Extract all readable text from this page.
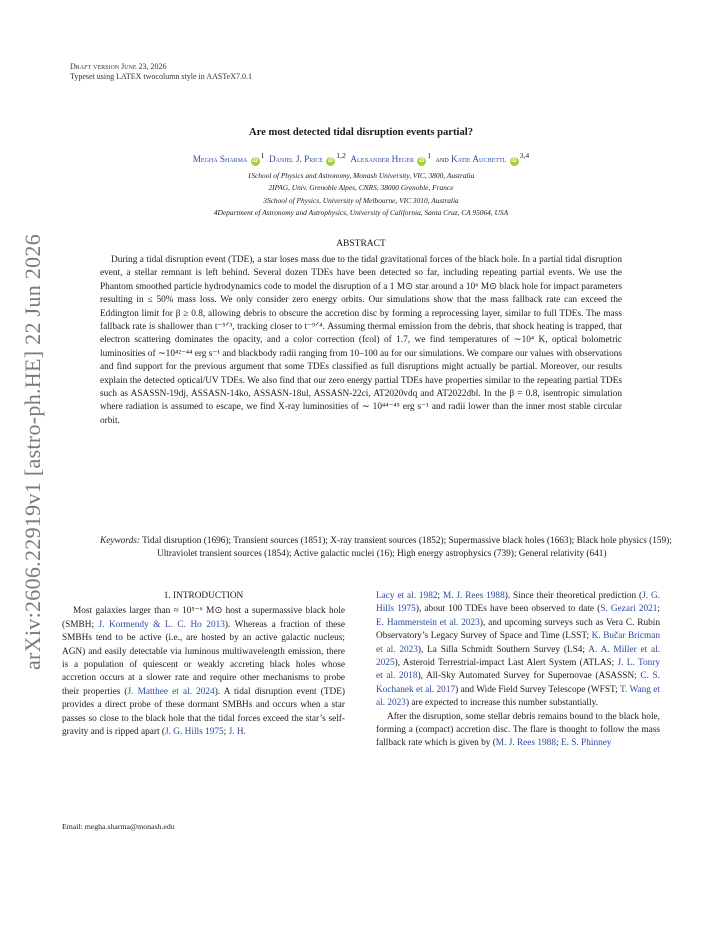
arXiv:2606.22919v1 [astro-ph.HE] 22 Jun 2026
Draft version June 23, 2026
Typeset using LATEX twocolumn style in AASTeX7.0.1
Are most detected tidal disruption events partial?
Megha Sharma $iD^1$ Daniel J. Price iD$^{1,2}$ Alexander Heger $iD^1$ and Katie Auchettl iD$^{3,4}$
1School of Physics and Astronomy, Monash University, VIC, 3800, Australia
2IPAG, Univ. Grenoble Alpes, CNRS, 38000 Grenoble, France
3School of Physics, University of Melbourne, VIC 3010, Australia
4Department of Astronomy and Astrophysics, University of California, Santa Cruz, CA 95064, USA
ABSTRACT
During a tidal disruption event (TDE), a star loses mass due to the tidal gravitational forces of the black hole. In a partial tidal disruption event, a stellar remnant is left behind. Several dozen TDEs have been detected so far, including repeating partial events. We use the Phantom smoothed particle hydrodynamics code to model the disruption of a 1 M⊙ star around a 10⁶ M⊙ black hole for impact parameters resulting in ≤ 50% mass loss. We only consider zero energy orbits. Our simulations show that the mass fallback rate can exceed the Eddington limit for β ≥ 0.8, allowing debris to obscure the accretion disc by forming a reprocessing layer, similar to full TDEs. The mass fallback rate is shallower than t⁻⁵ᐟ³, tracking closer to t⁻⁹ᐟ⁴. Assuming thermal emission from the debris, that shock heating is trapped, that electron scattering dominates the opacity, and a color correction (fcol) of 1.7, we find temperatures of ∼10⁴ K, optical bolometric luminosities of ∼10⁴²⁻⁴⁴ erg s⁻¹ and blackbody radii ranging from 10–100 au for our simulations. We compare our values with observations and find support for the previous argument that some TDEs classified as full disruptions might actually be partial. Moreover, our results explain the detected optical/UV TDEs. We also find that our zero energy partial TDEs have properties similar to the repeating partial TDEs such as ASASSN-19dj, ASSASN-14ko, ASSASN-18ul, ASSASN-22ci, AT2020vdq and AT2022dbl. In the β = 0.8, isentropic simulation where radiation is assumed to escape, we find X-ray luminosities of ∼ 10⁴⁴⁻⁴⁵ erg s⁻¹ and radii lower than the inner most stable circular orbit.
Keywords: Tidal disruption (1696); Transient sources (1851); X-ray transient sources (1852); Supermassive black holes (1663); Black hole physics (159); Ultraviolet transient sources (1854); Active galactic nuclei (16); High energy astrophysics (739); General relativity (641)
1. INTRODUCTION

Most galaxies larger than ≈ 10⁵⁻⁶ M⊙ host a supermassive black hole (SMBH; J. Kormendy & L. C. Ho 2013). Whereas a fraction of these SMBHs tend to be active (i.e., are hosted by an active galactic nucleus; AGN) and easily detectable via luminous multiwavelength emission, there is a population of quiescent or weakly accreting black holes whose accretion occurs at a slower rate and require other mechanisms to probe their properties (J. Matthee et al. 2024). A tidal disruption event (TDE) provides a direct probe of these dormant SMBHs and occurs when a star passes so close to the black hole that the tidal forces exceed the star’s self-gravity and is ripped apart (J. G. Hills 1975; J. H.

Lacy et al. 1982; M. J. Rees 1988). Since their theoretical prediction (J. G. Hills 1975), about 100 TDEs have been observed to date (S. Gezari 2021; E. Hammerstein et al. 2023), and upcoming surveys such as Vera C. Rubin Observatory’s Legacy Survey of Space and Time (LSST; K. Bučar Bricman et al. 2023), La Silla Schmidt Southern Survey (LS4; A. A. Miller et al. 2025), Asteroid Terrestrial-impact Last Alert System (ATLAS; J. L. Tonry et al. 2018), All-Sky Automated Survey for Supernovae (ASASSN; C. S. Kochanek et al. 2017) and Wide Field Survey Telescope (WFST; T. Wang et al. 2023) are expected to increase this number substantially.

After the disruption, some stellar debris remains bound to the black hole, forming a (compact) accretion disc. The flare is thought to follow the mass fallback rate which is given by (M. J. Rees 1988; E. S. Phinney

Email: megha.sharma@monash.edu
